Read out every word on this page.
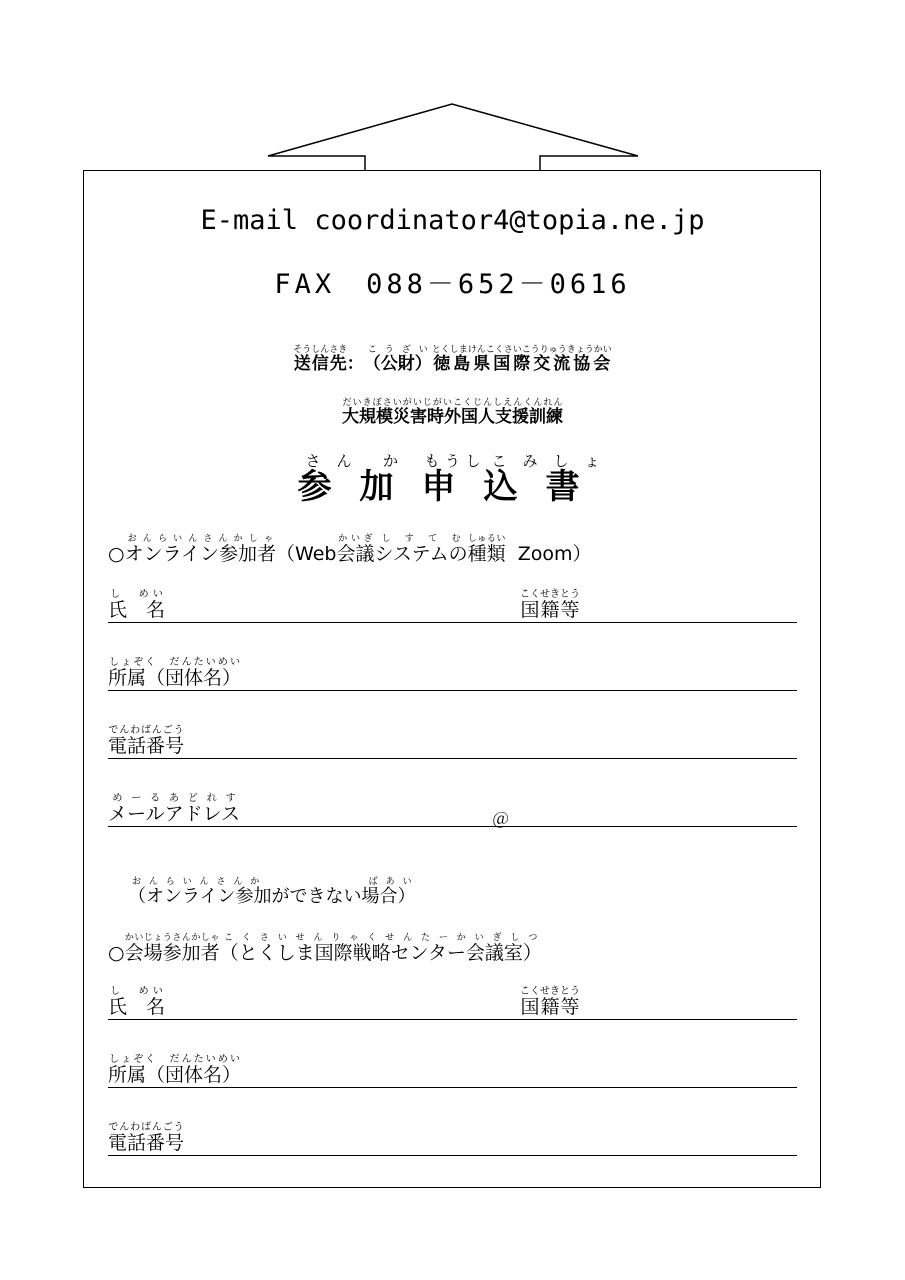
E-mail coordinator4@topia.ne.jp
FAX　088－652－0616
送信先そうしんさき：（公財）こうざい徳島県国際交流協会とくしまけんこくさいこうりゅうきょうかい
大規模災害時外国人支援訓練だいきぼさいがいじがいこくじんしえんくんれん
参さん加か申もうし込こみ書しょ
○オンライン参加者おんらいんさんかしゃ（Web会議かいぎシステムのしすてむ種類しゅるい  Zoom）
氏　名し　めい
国籍等こくせきとう
所属（団体名）しょぞく　だんたいめい
電話番号でんわばんごう
メールアドレスめーるあどれす
＠
（オンライン参加ができない場合）おんらいんさんか　　　　　　	ばあい
○会場参加者かいじょうさんかしゃ（とくしま国際戦略センター会議室）こくさいせんりゃくせんたーかいぎしつ
氏　名し　めい
国籍等こくせきとう
所属（団体名）しょぞく　だんたいめい
電話番号でんわばんごう
